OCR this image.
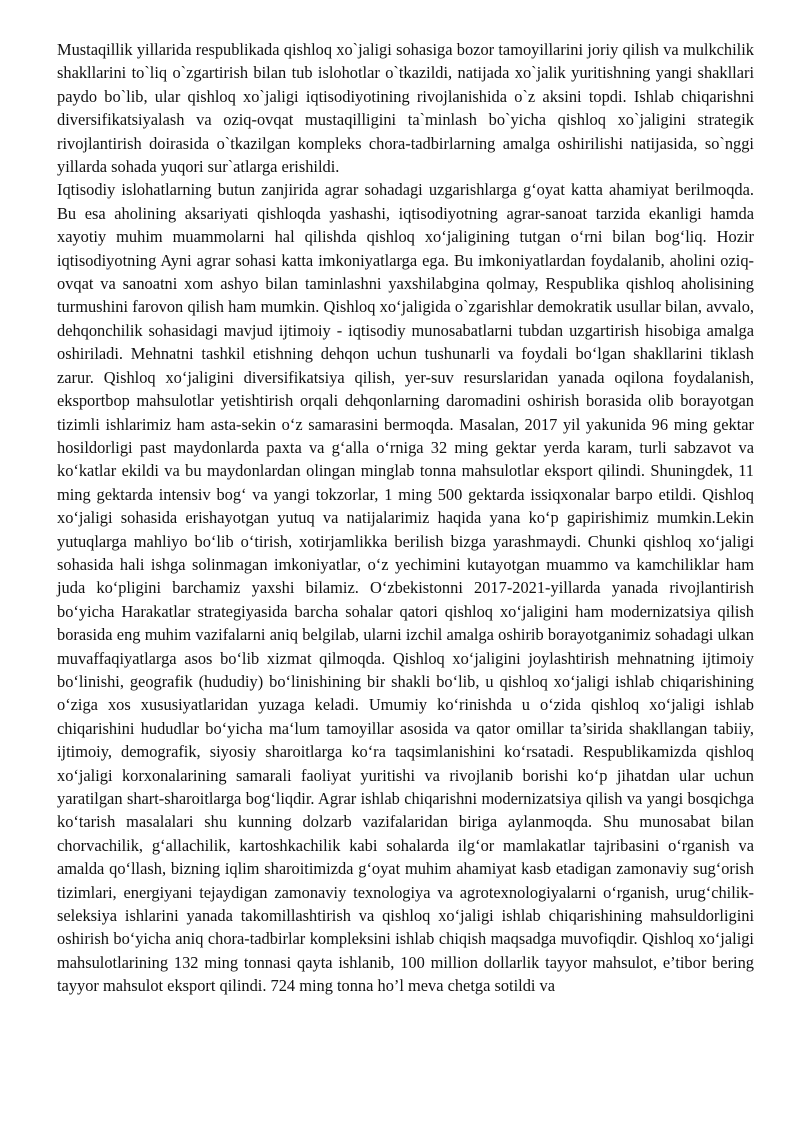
Mustaqillik yillarida respublikada qishloq xo`jaligi sohasiga bozor tamoyillarini joriy qilish va mulkchilik shakllarini to`liq o`zgartirish bilan tub islohotlar o`tkazildi, natijada xo`jalik yuritishning yangi shakllari paydo bo`lib, ular qishloq xo`jaligi iqtisodiyotining rivojlanishida o`z aksini topdi. Ishlab chiqarishni diversifikatsiyalash va oziq-ovqat mustaqilligini ta`minlash bo`yicha qishloq xo`jaligini strategik rivojlantirish doirasida o`tkazilgan kompleks chora-tadbirlarning amalga oshirilishi natijasida, so`nggi yillarda sohada yuqori sur`atlarga erishildi.

Iqtisodiy islohatlarning butun zanjirida agrar sohadagi uzgarishlarga g‘oyat katta ahamiyat berilmoqda. Bu esa aholining aksariyati qishloqda yashashi, iqtisodiyotning agrar-sanoat tarzida ekanligi hamda xayotiy muhim muammolarni hal qilishda qishloq xo‘jaligining tutgan o‘rni bilan bog‘liq. Hozir iqtisodiyotning Ayni agrar sohasi katta imkoniyatlarga ega. Bu imkoniyatlardan foydalanib, aholini oziq-ovqat va sanoatni xom ashyo bilan taminlashni yaxshilabgina qolmay, Respublika qishloq aholisining turmushini farovon qilish ham mumkin. Qishloq xo‘jaligida o`zgarishlar demokratik usullar bilan, avvalo, dehqonchilik sohasidagi mavjud ijtimoiy - iqtisodiy munosabatlarni tubdan uzgartirish hisobiga amalga oshiriladi. Mehnatni tashkil etishning dehqon uchun tushunarli va foydali bo‘lgan shakllarini tiklash zarur. Qishloq xo‘jaligini diversifikatsiya qilish, yer-suv resurslaridan yanada oqilona foydalanish, eksportbop mahsulotlar yetishtirish orqali dehqonlarning daromadini oshirish borasida olib borayotgan tizimli ishlarimiz ham asta-sekin o‘z samarasini bermoqda. Masalan, 2017 yil yakunida 96 ming gektar hosildorligi past maydonlarda paxta va g‘alla o‘rniga 32 ming gektar yerda karam, turli sabzavot va ko‘katlar ekildi va bu maydonlardan olingan minglab tonna mahsulotlar eksport qilindi. Shuningdek, 11 ming gektarda intensiv bog‘ va yangi tokzorlar, 1 ming 500 gektarda issiqxonalar barpo etildi. Qishloq xo‘jaligi sohasida erishayotgan yutuq va natijalarimiz haqida yana ko‘p gapirishimiz mumkin.Lekin yutuqlarga mahliyo bo‘lib o‘tirish, xotirjamlikka berilish bizga yarashmaydi. Chunki qishloq xo‘jaligi sohasida hali ishga solinmagan imkoniyatlar, o‘z yechimini kutayotgan muammo va kamchiliklar ham juda ko‘pligini barchamiz yaxshi bilamiz. O‘zbekistonni 2017-2021-yillarda yanada rivojlantirish bo‘yicha Harakatlar strategiyasida barcha sohalar qatori qishloq xo‘jaligini ham modernizatsiya qilish borasida eng muhim vazifalarni aniq belgilab, ularni izchil amalga oshirib borayotganimiz sohadagi ulkan muvaffaqiyatlarga asos bo‘lib xizmat qilmoqda. Qishloq xo‘jaligini joylashtirish mehnatning ijtimoiy bo‘linishi, geografik (hududiy) bo‘linishining bir shakli bo‘lib, u qishloq xo‘jaligi ishlab chiqarishining o‘ziga xos xususiyatlaridan yuzaga keladi. Umumiy ko‘rinishda u o‘zida qishloq xo‘jaligi ishlab chiqarishini hududlar bo‘yicha ma‘lum tamoyillar asosida va qator omillar ta’sirida shakllangan tabiiy, ijtimoiy, demografik, siyosiy sharoitlarga ko‘ra taqsimlanishini ko‘rsatadi. Respublikamizda qishloq xo‘jaligi korxonalarining samarali faoliyat yuritishi va rivojlanib borishi ko‘p jihatdan ular uchun yaratilgan shart-sharoitlarga bog‘liqdir. Agrar ishlab chiqarishni modernizatsiya qilish va yangi bosqichga ko‘tarish masalalari shu kunning dolzarb vazifalaridan biriga aylanmoqda. Shu munosabat bilan chorvachilik, g‘allachilik, kartoshkachilik kabi sohalarda ilg‘or mamlakatlar tajribasini o‘rganish va amalda qo‘llash, bizning iqlim sharoitimizda g‘oyat muhim ahamiyat kasb etadigan zamonaviy sug‘orish tizimlari, energiyani tejaydigan zamonaviy texnologiya va agrotexnologiyalarni o‘rganish, urug‘chilik-seleksiya ishlarini yanada takomillashtirish va qishloq xo‘jaligi ishlab chiqarishining mahsuldorligini oshirish bo‘yicha aniq chora-tadbirlar kompleksini ishlab chiqish maqsadga muvofiqdir. Qishloq xo‘jaligi mahsulotlarining 132 ming tonnasi qayta ishlanib, 100 million dollarlik tayyor mahsulot, e’tibor bering tayyor mahsulot eksport qilindi. 724 ming tonna ho’l meva chetga sotildi va
